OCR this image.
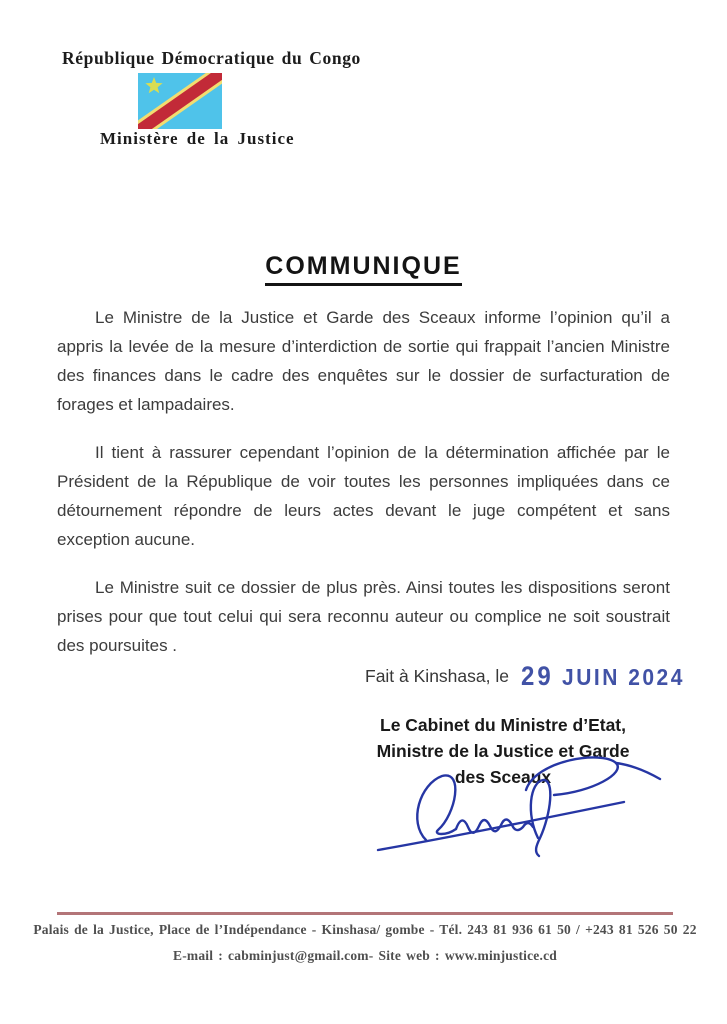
République Démocratique du Congo
Ministère de la Justice
COMMUNIQUE

Le Ministre de la Justice et Garde des Sceaux informe l’opinion qu’il a appris la levée de la mesure d’interdiction de sortie qui frappait l’ancien Ministre des finances dans le cadre des enquêtes sur le dossier de surfacturation de forages et lampadaires.

Il tient à rassurer cependant l’opinion de la détermination affichée par le Président de la République de voir toutes les personnes impliquées dans ce détournement répondre de leurs actes devant le juge compétent et sans exception aucune.

Le Ministre suit ce dossier de plus près. Ainsi toutes les dispositions seront prises pour que tout celui qui sera reconnu auteur ou complice ne soit soustrait des poursuites .

Fait à Kinshasa, le 29 JUIN 2024
Le Cabinet du Ministre d’Etat,
Ministre de la Justice et Garde
des Sceaux
Palais de la Justice, Place de l’Indépendance - Kinshasa/ gombe - Tél. 243 81 936 61 50 / +243 81 526 50 22
E-mail : cabminjust@gmail.com- Site web : www.minjustice.cd
